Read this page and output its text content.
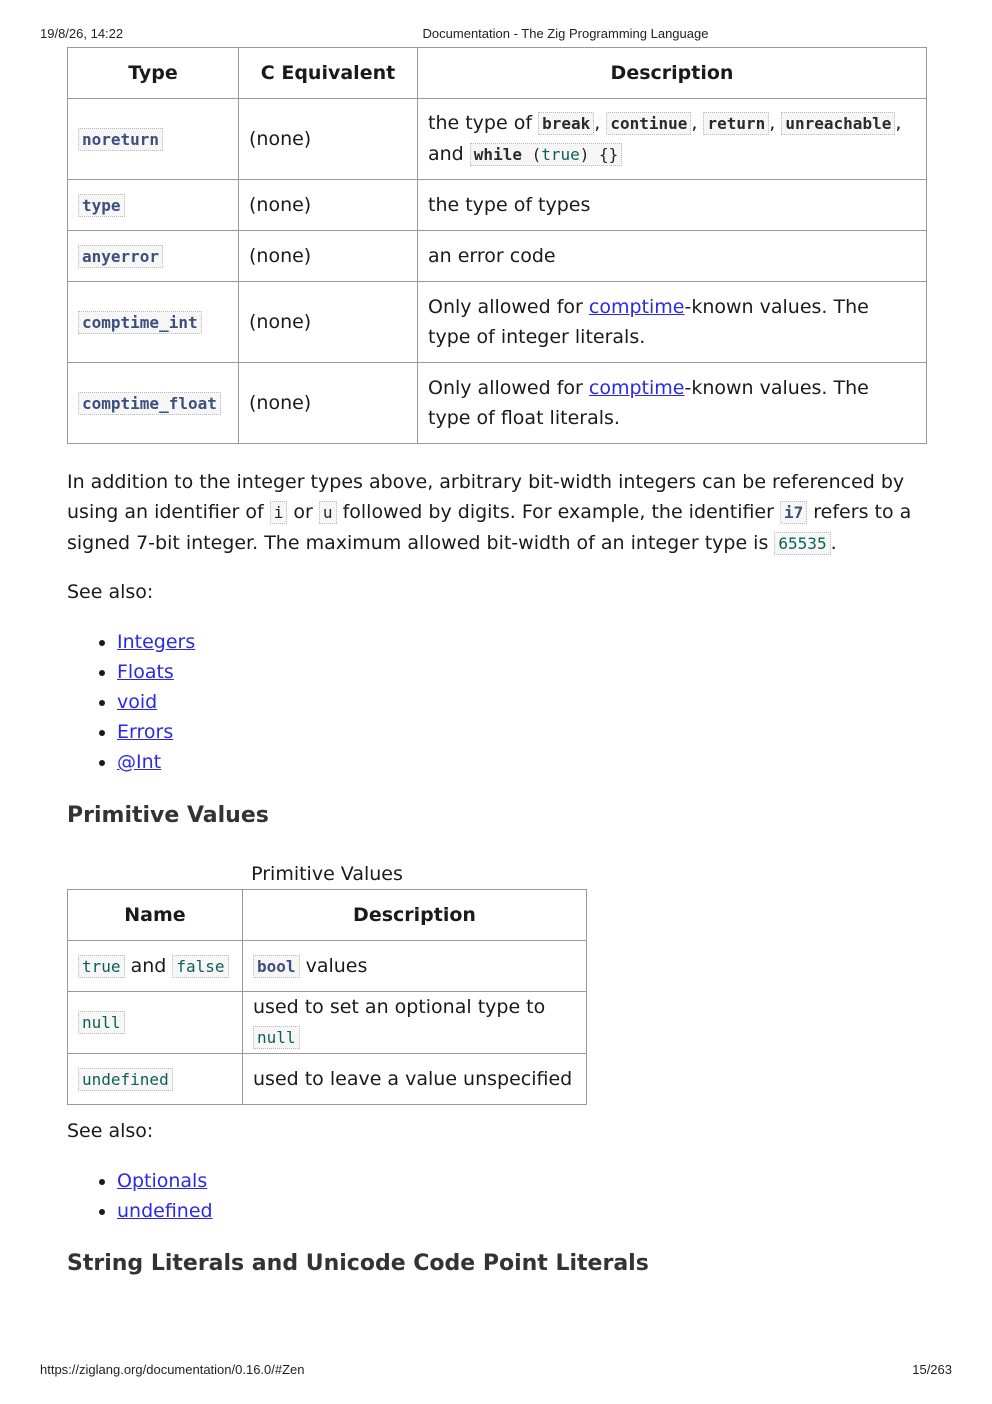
19/8/26, 14:22	Documentation - The Zig Programming Language
Type	C Equivalent	Description
noreturn	(none)	the type of break , continue , return , unreachable ,
and while (true) {}
type	(none)	the type of types
anyerror	(none)	an error code
comptime_int	(none)	Only allowed for comptime-known values. The type of integer literals.
comptime_float	(none)	Only allowed for comptime-known values. The type of float literals.

In addition to the integer types above, arbitrary bit-width integers can be referenced by using an identifier of i or u followed by digits. For example, the identifier i7 refers to a signed 7-bit integer. The maximum allowed bit-width of an integer type is 65535 .

See also:

• Integers
• Floats
• void
• Errors
• @Int
Primitive Values
Primitive Values
Name	Description
true and false	bool values
null	used to set an optional type to null
undefined	used to leave a value unspecified

See also:

• Optionals
• undefined
String Literals and Unicode Code Point Literals
https://ziglang.org/documentation/0.16.0/#Zen	15/263
